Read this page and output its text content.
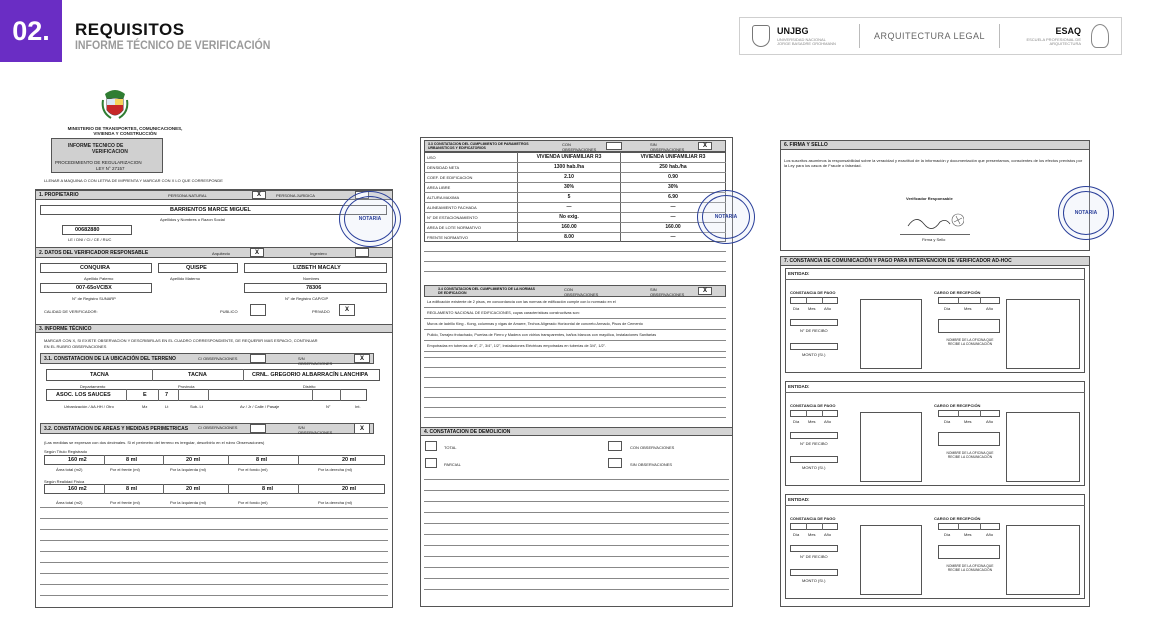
02.	REQUISITOS
INFORME TÉCNICO DE VERIFICACIÓN
UNJBG
UNIVERSIDAD NACIONAL JORGE BASADRE GROHMANN
ARQUITECTURA LEGAL
ESAQ
ESCUELA PROFESIONAL DE ARQUITECTURA
MINISTERIO DE TRANSPORTES, COMUNICACIONES, VIVIENDA Y CONSTRUCCIÓN
INFORME TECNICO DE
VERIFICACION
PROCEDIMIENTO DE REGULARIZACION
LEY N° 27157
LLENAR A MAQUINA O CON LETRA DE IMPRENTA Y MARCAR CON X LO QUE CORRESPONDE
1. PROPIETARIO	PERSONA NATURAL	X	PERSONA JURIDICA
BARRIENTOS MARCE MIGUEL
Apellidos y Nombres o Razon Social
00682880
LE / DNI / CI / CE / RUC
2. DATOS DEL VERIFICADOR RESPONSABLE	Arquitecto	X	Ingeniero
CONQUIRA	QUISPE	LIZBETH MACALY
Apellido Paterno	Apellido Materno	Nombres
007-65oVCBX	78306
N° de Registro SUNARP	N° de Registro CAP/CIP
CALIDAD DE VERIFICADOR:	PUBLICO	PRIVADO	X
3. INFORME TÉCNICO
MARCAR CON X, SI EXISTE OBSERVACION Y DESCRIBIRLAS EN EL CUADRO CORRESPONDIENTE, DE REQUERIR MAS ESPACIO, CONTINUAR
EN EL RUBRO OBSERVACIONES
3.1. CONSTATACION DE LA UBICACIÓN DEL TERRENO	C/ OBSERVACIONES	S/N OBSERVACIONES
X
TACNA	TACNA	CRNL. GREGORIO ALBARRACÍN LANCHIPA
Departamento	Provincia	Distrito
ASOC. LOS SAUCES	E	7
Urbanización / AA.HH / Otro	Mz	Lt	Sub- Lt	Av / Jr / Calle / Pasaje	N°	Int.
3.2. CONSTATACION DE AREAS Y MEDIDAS PERIMETRICAS	C/ OBSERVACIONES	S/N OBSERVACIONES
X
(Las medidas se expresan con dos decimales. Si el perímetro del terreno es irregular, describirlo en el rubro Observaciones)
Según Título Registrado
160 m2	8 ml	20 ml	8 ml	20 ml
Área total (m2)	Por el frente (ml)	Por la Izquierda (ml)	Por el fondo (ml)	Por la derecha (ml)
Según Realidad Física
160 m2	8 ml	20 ml	8 ml	20 ml
Área total (m2)	Por el frente (ml)	Por la Izquierda (ml)	Por el fondo (ml)	Por la derecha (ml)
NOTARIA
3.3 CONSTATACION DEL CUMPLIMIENTO DE PARAMETROS URBANISTICOS Y EDIFICATORIOS
CON OBSERVACIONES
SIN OBSERVACIONES
X
USO	VIVIENDA UNIFAMILIAR R3	VIVIENDA UNIFAMILIAR R3
DENSIDAD NETA	1300 hab./ha	250 hab./ha
COEF. DE EDIFICACION	2.10	0.90
AREA LIBRE	30%	30%
ALTURA MAXIMA	5	6.90
ALINEAMIENTO FACHADA	—	—
N° DE ESTACIONAMIENTO	No exig.	—
AREA DE LOTE NORMATIVO	160.00	160.00
FRENTE NORMATIVO	8.00	—
3.4 CONSTATACION DEL CUMPLIMIENTO DE LA NORMAS DE EDIFICACION
CON OBSERVACIONES
SIN OBSERVACIONES
X
La edificación existente de 2 pisos, en concordancia con las normas de edificación cumple con lo normado en el
REGLAMENTO NACIONAL DE EDIFICACIONES, cuyas características constructivas son:
Muros de ladrillo King - Kong, columnas y vigas de Amarre, Techos Aligerado Horizontal de concreto Armado, Pisos de Cemento
Pulido, Tarrajeo frotachado, Puertas de Fierro y Madera con vidrios transparentes, baños blancos con mayólica, Instalaciones Sanitarias
Empotradas en tuberías de 4", 2", 3/4", 1/2", Instalaciones Eléctricas empotradas en tuberías de 3/4", 1/2".
4. CONSTATACION DE DEMOLICION
TOTAL	CON OBSERVACIONES
PARCIAL	SIN OBSERVACIONES
NOTARIA
6. FIRMA Y SELLO
Los suscritos asumimos la responsabilidad sobre la veracidad y exactitud de la información y documentación que presentamos, conscientes de los efectos previstos por la Ley para los casos de Fraude o falsedad.
Verificador Responsable
Firma y Sello
NOTARIA
7. CONSTANCIA DE COMUNICACIÓN Y PAGO PARA INTERVENCION DE VERIFICADOR AD-HOC
ENTIDAD:
CONSTANCIA DE PAGO
Día Mes Año
N° DE RECIBO
MONTO (S/.)
CARGO DE RECEPCIÓN
Día	Mes	Año
NOMBRE DE LA OFICINA QUE RECIBE LA COMUNICACIÓN
ENTIDAD:
CONSTANCIA DE PAGO
Día Mes Año
N° DE RECIBO
MONTO (S/.)
CARGO DE RECEPCIÓN
Día	Mes	Año
NOMBRE DE LA OFICINA QUE RECIBE LA COMUNICACIÓN
ENTIDAD:
CONSTANCIA DE PAGO
Día Mes Año
N° DE RECIBO
MONTO (S/.)
CARGO DE RECEPCIÓN
Día	Mes	Año
NOMBRE DE LA OFICINA QUE RECIBE LA COMUNICACIÓN
